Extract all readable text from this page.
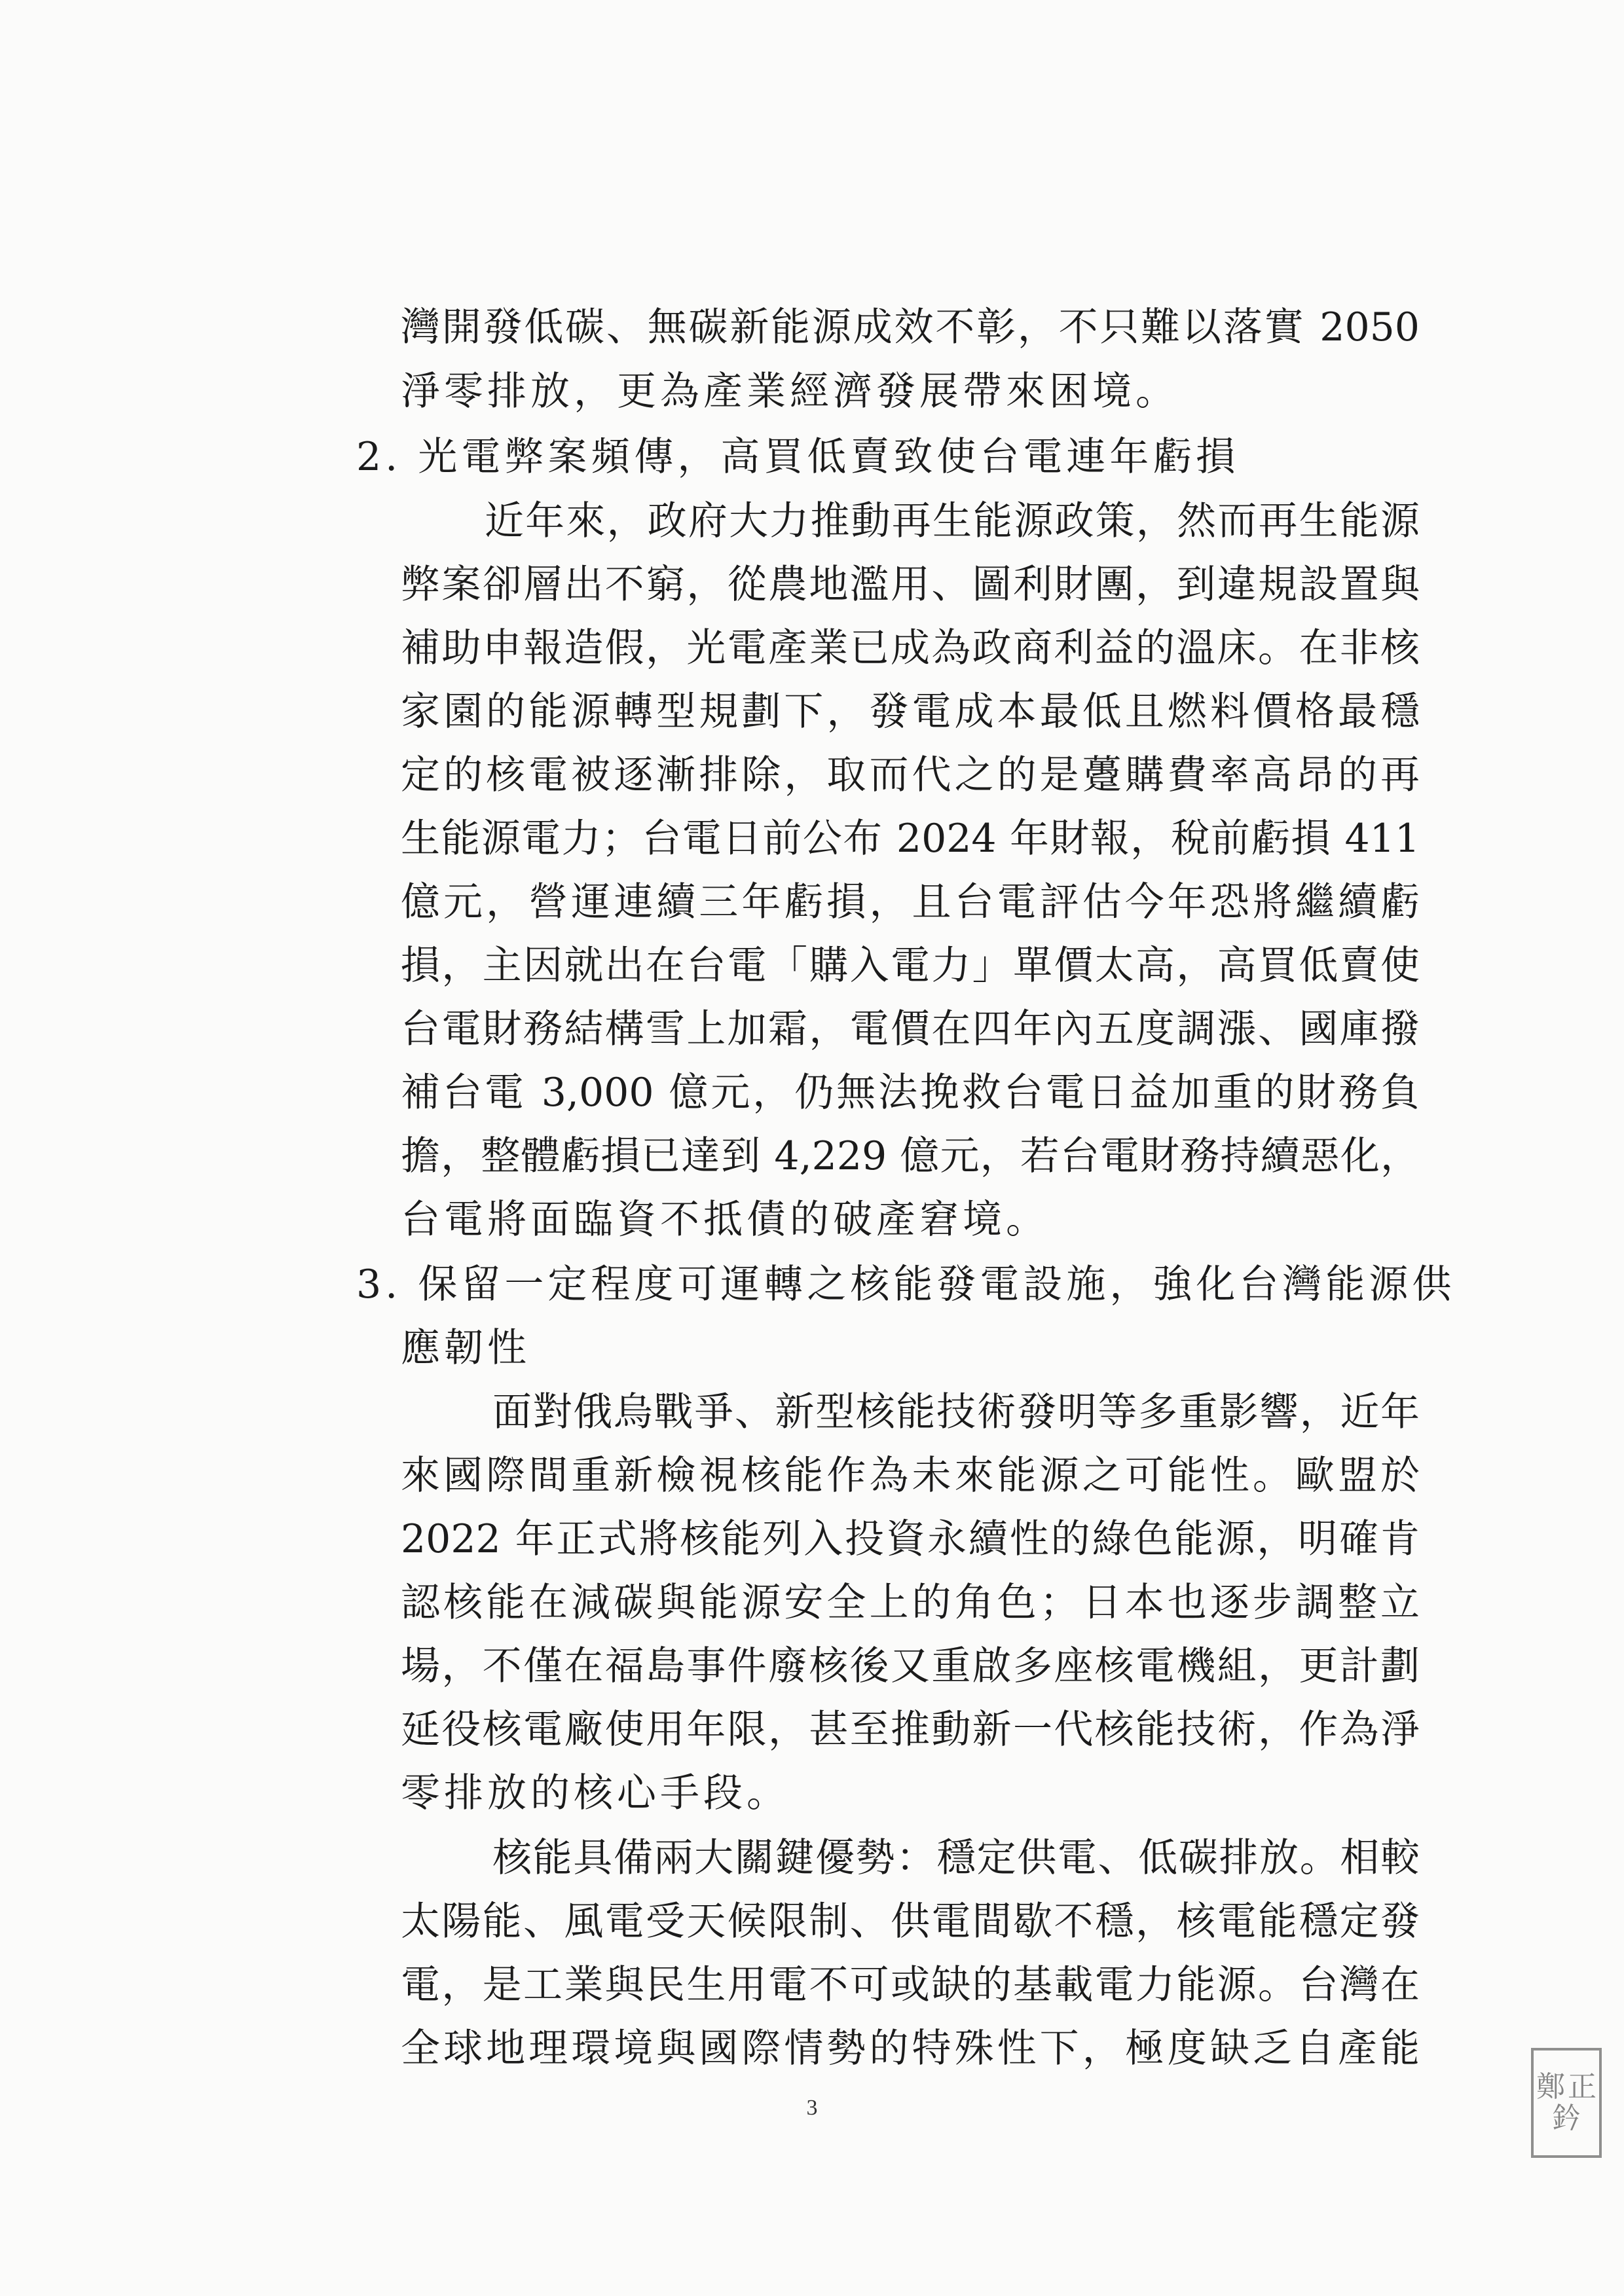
灣開發低碳、無碳新能源成效不彰，不只難以落實 2050
淨零排放，更為產業經濟發展帶來困境。
2. 光電弊案頻傳，高買低賣致使台電連年虧損
近年來，政府大力推動再生能源政策，然而再生能源
弊案卻層出不窮，從農地濫用、圖利財團，到違規設置與
補助申報造假，光電產業已成為政商利益的溫床。在非核
家園的能源轉型規劃下，發電成本最低且燃料價格最穩
定的核電被逐漸排除，取而代之的是躉購費率高昂的再
生能源電力；台電日前公布 2024 年財報，稅前虧損 411
億元，營運連續三年虧損，且台電評估今年恐將繼續虧
損，主因就出在台電「購入電力」單價太高，高買低賣使
台電財務結構雪上加霜，電價在四年內五度調漲、國庫撥
補台電 3,000 億元，仍無法挽救台電日益加重的財務負
擔，整體虧損已達到 4,229 億元，若台電財務持續惡化，
台電將面臨資不抵債的破產窘境。
3. 保留一定程度可運轉之核能發電設施，強化台灣能源供
應韌性
面對俄烏戰爭、新型核能技術發明等多重影響，近年
來國際間重新檢視核能作為未來能源之可能性。歐盟於
2022 年正式將核能列入投資永續性的綠色能源，明確肯
認核能在減碳與能源安全上的角色；日本也逐步調整立
場，不僅在福島事件廢核後又重啟多座核電機組，更計劃
延役核電廠使用年限，甚至推動新一代核能技術，作為淨
零排放的核心手段。
核能具備兩大關鍵優勢：穩定供電、低碳排放。相較
太陽能、風電受天候限制、供電間歇不穩，核電能穩定發
電，是工業與民生用電不可或缺的基載電力能源。台灣在
全球地理環境與國際情勢的特殊性下，極度缺乏自產能
3
鄭 正
鈐
